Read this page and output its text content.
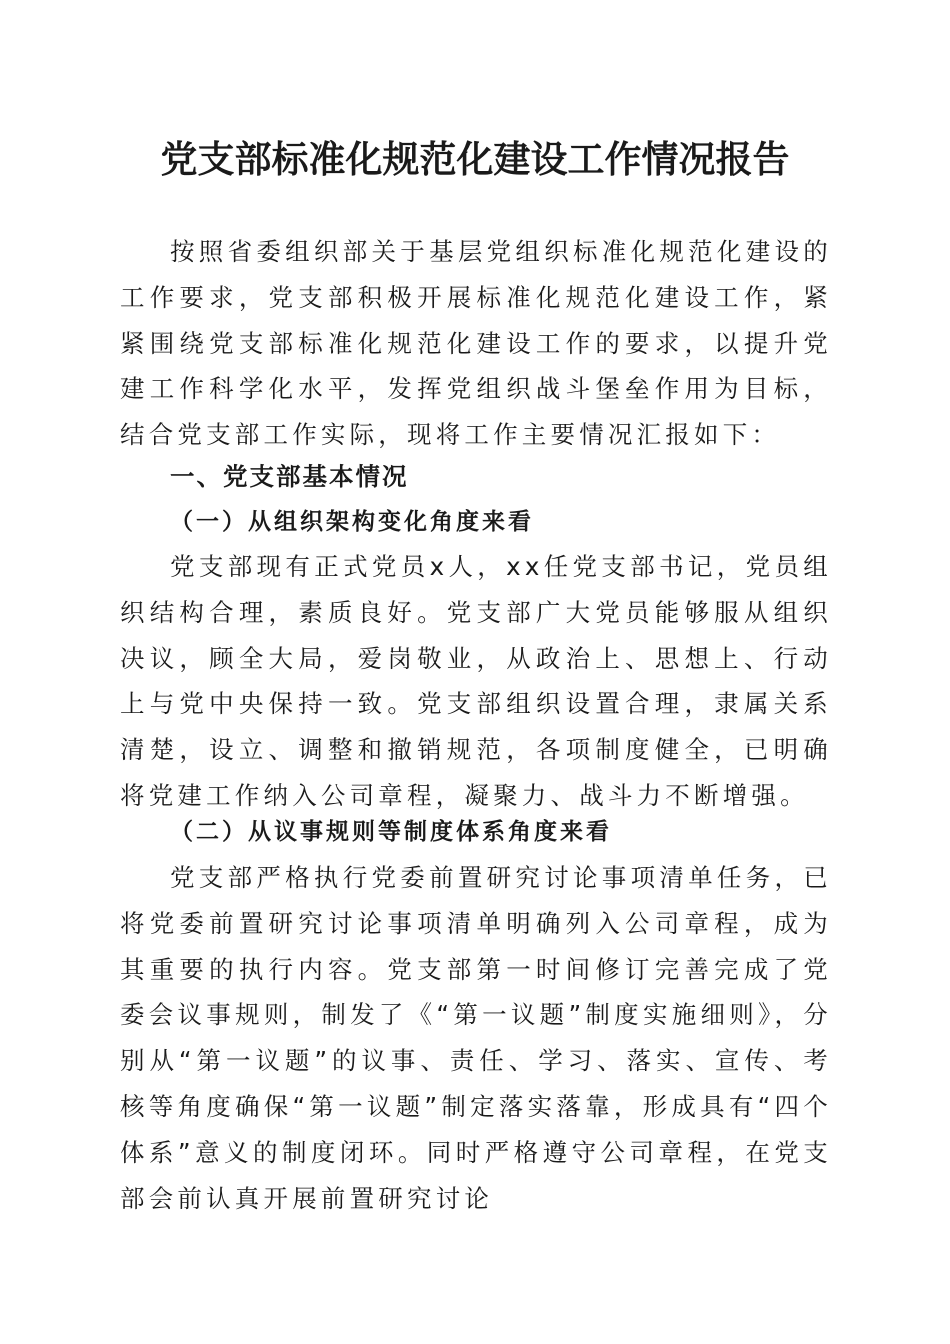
党支部标准化规范化建设工作情况报告

按照省委组织部关于基层党组织标准化规范化建设的工作要求，党支部积极开展标准化规范化建设工作，紧紧围绕党支部标准化规范化建设工作的要求，以提升党建工作科学化水平，发挥党组织战斗堡垒作用为目标，结合党支部工作实际，现将工作主要情况汇报如下：

一、党支部基本情况
（一）从组织架构变化角度来看

党支部现有正式党员x人，xx任党支部书记，党员组织结构合理，素质良好。党支部广大党员能够服从组织决议，顾全大局，爱岗敬业，从政治上、思想上、行动上与党中央保持一致。党支部组织设置合理，隶属关系清楚，设立、调整和撤销规范，各项制度健全，已明确将党建工作纳入公司章程，凝聚力、战斗力不断增强。

（二）从议事规则等制度体系角度来看

党支部严格执行党委前置研究讨论事项清单任务，已将党委前置研究讨论事项清单明确列入公司章程，成为其重要的执行内容。党支部第一时间修订完善完成了党委会议事规则，制发了《“第一议题”制度实施细则》，分别从“第一议题”的议事、责任、学习、落实、宣传、考核等角度确保“第一议题”制定落实落靠，形成具有“四个体系”意义的制度闭环。同时严格遵守公司章程，在党支部会前认真开展前置研究讨论
